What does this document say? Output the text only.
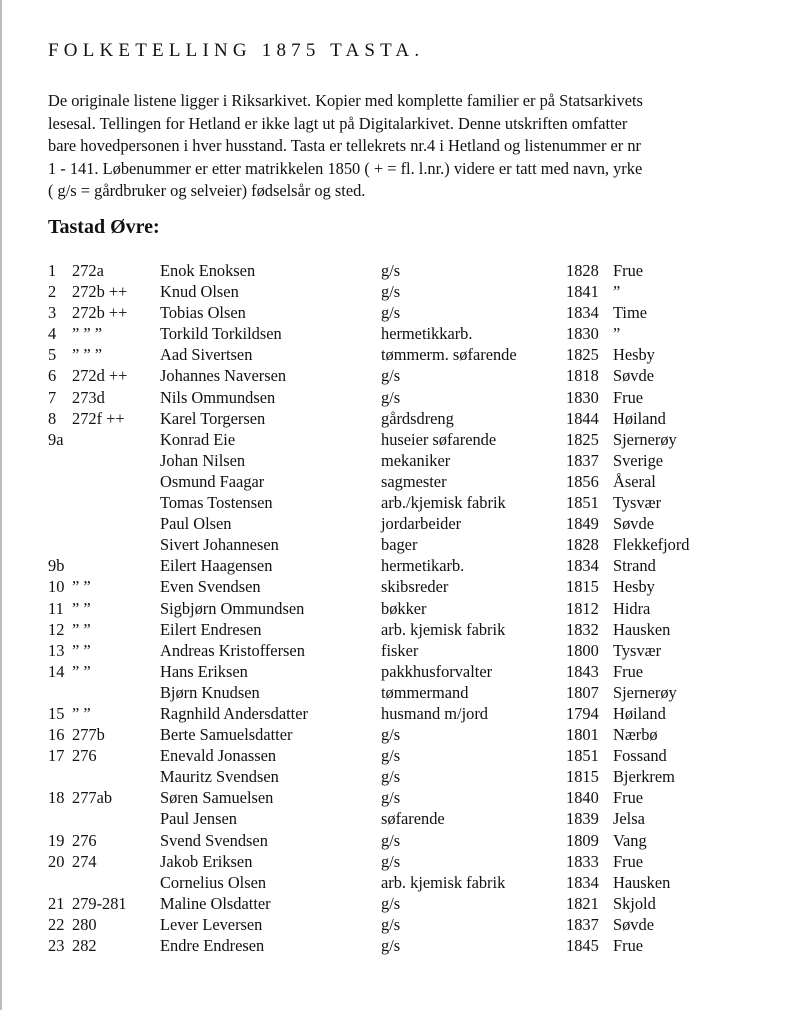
FOLKETELLING 1875 TASTA.

De originale listene ligger i Riksarkivet. Kopier med komplette familier er på Statsarkivets

lesesal. Tellingen for Hetland er ikke lagt ut på Digitalarkivet. Denne utskriften omfatter

bare hovedpersonen i hver husstand. Tasta er tellekrets nr.4 i Hetland og listenummer er nr

1 - 141. Løbenummer er etter matrikkelen 1850 ( + = fl. l.nr.) videre er tatt med navn, yrke

( g/s = gårdbruker og selveier) fødselsår og sted.

Tastad Øvre:
1 272a	Enok Enoksen	g/s	1828 Frue
2 272b ++ Knud Olsen	g/s	1841 ”
3 272b ++ Tobias Olsen	g/s	1834 Time
4 ” ” ”	Torkild Torkildsen	hermetikkarb.	1830 ”
5 ” ” ”	Aad Sivertsen	tømmerm. søfarende	1825 Hesby
6 272d ++ Johannes Naversen	g/s	1818 Søvde
7 273d	Nils Ommundsen	g/s	1830 Frue
8 272f ++ Karel Torgersen	gårdsdreng	1844 Høiland
9a	Konrad Eie	huseier søfarende	1825 Sjernerøy
Johan Nilsen	mekaniker	1837 Sverige
Osmund Faagar	sagmester	1856 Åseral
Tomas Tostensen	arb./kjemisk fabrik	1851 Tysvær
Paul Olsen	jordarbeider	1849 Søvde
Sivert Johannesen	bager	1828 Flekkefjord
9b	Eilert Haagensen	hermetikarb.	1834 Strand
10 ” ”	Even Svendsen	skibsreder	1815 Hesby
11 ” ”	Sigbjørn Ommundsen	bøkker	1812 Hidra
12 ” ”	Eilert Endresen	arb. kjemisk fabrik	1832 Hausken
13 ” ”	Andreas Kristoffersen	fisker	1800 Tysvær
14 ” ”	Hans Eriksen	pakkhusforvalter	1843 Frue
Bjørn Knudsen	tømmermand	1807 Sjernerøy
15 ” ”	Ragnhild Andersdatter	husmand m/jord	1794 Høiland
16 277b	Berte Samuelsdatter	g/s	1801 Nærbø
17 276	Enevald Jonassen	g/s	1851 Fossand
Mauritz Svendsen	g/s	1815 Bjerkrem
18 277ab	Søren Samuelsen	g/s	1840 Frue
Paul Jensen	søfarende	1839 Jelsa
19 276	Svend Svendsen	g/s	1809 Vang
20 274	Jakob Eriksen	g/s	1833 Frue
Cornelius Olsen	arb. kjemisk fabrik	1834 Hausken
21 279-281 Maline Olsdatter	g/s	1821 Skjold
22 280	Lever Leversen	g/s	1837 Søvde
23 282	Endre Endresen	g/s	1845 Frue
